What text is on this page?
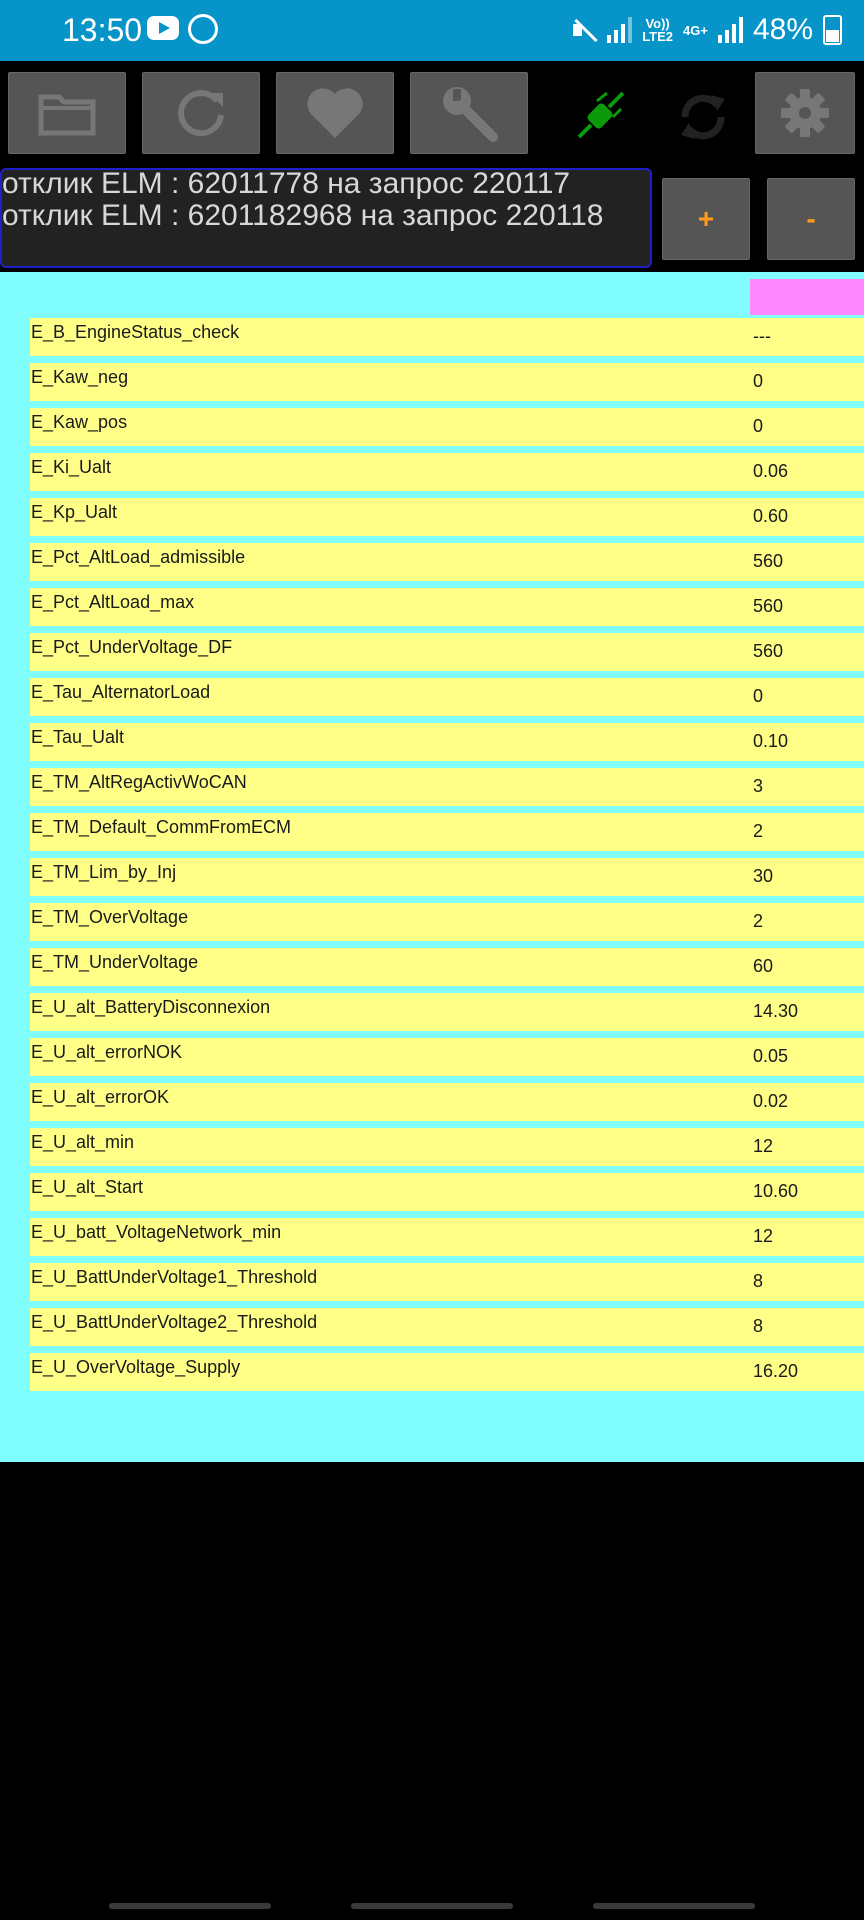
13:50	Vo))
LTE2 4G+ 48%
отклик ELM : 62011778 на запрос 220117
отклик ELM : 6201182968 на запрос 220118	+	-
E_B_EngineStatus_check	---
E_Kaw_neg	0
E_Kaw_pos	0
E_Ki_Ualt	0.06
E_Kp_Ualt	0.60
E_Pct_AltLoad_admissible	560
E_Pct_AltLoad_max	560
E_Pct_UnderVoltage_DF	560
E_Tau_AlternatorLoad	0
E_Tau_Ualt	0.10
E_TM_AltRegActivWoCAN	3
E_TM_Default_CommFromECM	2
E_TM_Lim_by_Inj	30
E_TM_OverVoltage	2
E_TM_UnderVoltage	60
E_U_alt_BatteryDisconnexion	14.30
E_U_alt_errorNOK	0.05
E_U_alt_errorOK	0.02
E_U_alt_min	12
E_U_alt_Start	10.60
E_U_batt_VoltageNetwork_min	12
E_U_BattUnderVoltage1_Threshold	8
E_U_BattUnderVoltage2_Threshold	8
E_U_OverVoltage_Supply	16.20
